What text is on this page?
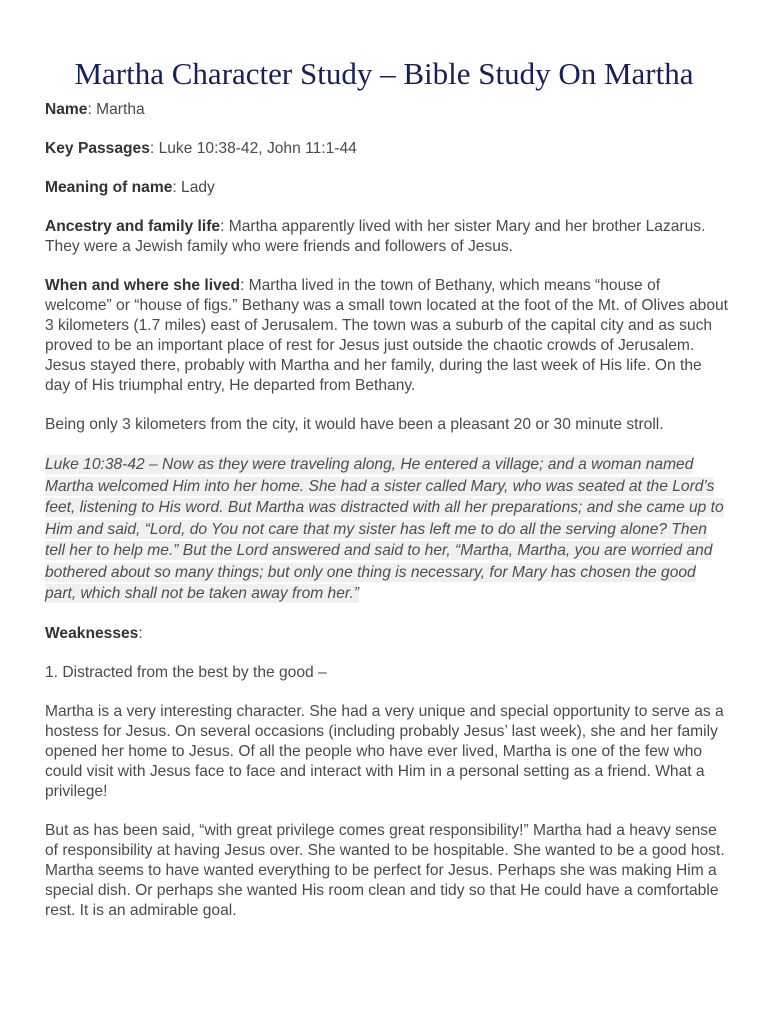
Martha Character Study – Bible Study On Martha

Name: Martha

Key Passages: Luke 10:38-42, John 11:1-44

Meaning of name: Lady

Ancestry and family life: Martha apparently lived with her sister Mary and her brother Lazarus. They were a Jewish family who were friends and followers of Jesus.

When and where she lived: Martha lived in the town of Bethany, which means “house of welcome” or “house of figs.” Bethany was a small town located at the foot of the Mt. of Olives about 3 kilometers (1.7 miles) east of Jerusalem. The town was a suburb of the capital city and as such proved to be an important place of rest for Jesus just outside the chaotic crowds of Jerusalem. Jesus stayed there, probably with Martha and her family, during the last week of His life. On the day of His triumphal entry, He departed from Bethany.

Being only 3 kilometers from the city, it would have been a pleasant 20 or 30 minute stroll.

Luke 10:38-42 – Now as they were traveling along, He entered a village; and a woman named Martha welcomed Him into her home. She had a sister called Mary, who was seated at the Lord’s feet, listening to His word. But Martha was distracted with all her preparations; and she came up to Him and said, “Lord, do You not care that my sister has left me to do all the serving alone? Then tell her to help me.” But the Lord answered and said to her, “Martha, Martha, you are worried and bothered about so many things; but only one thing is necessary, for Mary has chosen the good part, which shall not be taken away from her.”

Weaknesses:

1. Distracted from the best by the good –

Martha is a very interesting character. She had a very unique and special opportunity to serve as a hostess for Jesus. On several occasions (including probably Jesus’ last week), she and her family opened her home to Jesus. Of all the people who have ever lived, Martha is one of the few who could visit with Jesus face to face and interact with Him in a personal setting as a friend. What a privilege!

But as has been said, “with great privilege comes great responsibility!” Martha had a heavy sense of responsibility at having Jesus over. She wanted to be hospitable. She wanted to be a good host. Martha seems to have wanted everything to be perfect for Jesus. Perhaps she was making Him a special dish. Or perhaps she wanted His room clean and tidy so that He could have a comfortable rest. It is an admirable goal.
